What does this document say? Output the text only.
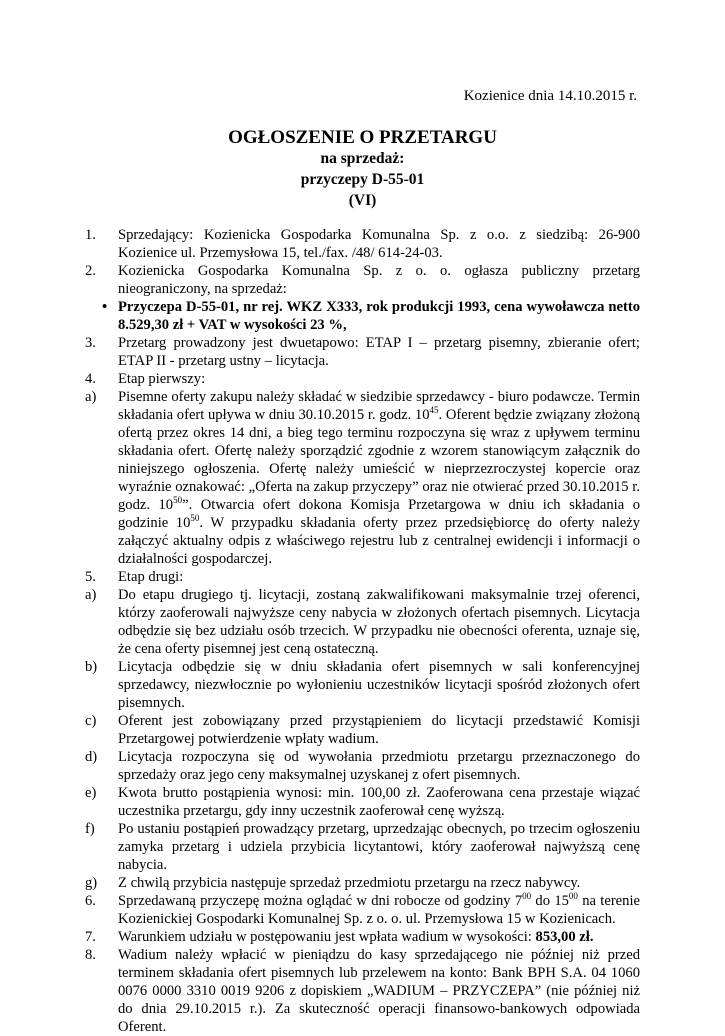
Kozienice dnia 14.10.2015 r.
OGŁOSZENIE O PRZETARGU
na sprzedaż:
przyczepy D-55-01
(VI)
1. Sprzedający: Kozienicka Gospodarka Komunalna Sp. z o.o. z siedzibą: 26-900 Kozienice ul. Przemysłowa 15, tel./fax. /48/ 614-24-03.
2. Kozienicka Gospodarka Komunalna Sp. z o. o. ogłasza publiczny przetarg nieograniczony, na sprzedaż:
• Przyczepa D-55-01, nr rej. WKZ X333, rok produkcji 1993, cena wywoławcza netto 8.529,30 zł + VAT w wysokości 23 %,
3. Przetarg prowadzony jest dwuetapowo: ETAP I – przetarg pisemny, zbieranie ofert; ETAP II - przetarg ustny – licytacja.
4. Etap pierwszy:
a) Pisemne oferty zakupu należy składać w siedzibie sprzedawcy - biuro podawcze. Termin składania ofert upływa w dniu 30.10.2015 r. godz. $10^{45}$. Oferent będzie związany złożoną ofertą przez okres 14 dni, a bieg tego terminu rozpoczyna się wraz z upływem terminu składania ofert. Ofertę należy sporządzić zgodnie z wzorem stanowiącym załącznik do niniejszego ogłoszenia. Ofertę należy umieścić w nieprzezroczystej kopercie oraz wyraźnie oznakować: „Oferta na zakup przyczepy” oraz nie otwierać przed 30.10.2015 r. godz. $10^{50}$”. Otwarcia ofert dokona Komisja Przetargowa w dniu ich składania o godzinie $10^{50}$. W przypadku składania oferty przez przedsiębiorcę do oferty należy załączyć aktualny odpis z właściwego rejestru lub z centralnej ewidencji i informacji o działalności gospodarczej.
5. Etap drugi:
a) Do etapu drugiego tj. licytacji, zostaną zakwalifikowani maksymalnie trzej oferenci, którzy zaoferowali najwyższe ceny nabycia w złożonych ofertach pisemnych. Licytacja odbędzie się bez udziału osób trzecich. W przypadku nie obecności oferenta, uznaje się, że cena oferty pisemnej jest ceną ostateczną.
b) Licytacja odbędzie się w dniu składania ofert pisemnych w sali konferencyjnej sprzedawcy, niezwłocznie po wyłonieniu uczestników licytacji spośród złożonych ofert pisemnych.
c) Oferent jest zobowiązany przed przystąpieniem do licytacji przedstawić Komisji Przetargowej potwierdzenie wpłaty wadium.
d) Licytacja rozpoczyna się od wywołania przedmiotu przetargu przeznaczonego do sprzedaży oraz jego ceny maksymalnej uzyskanej z ofert pisemnych.
e) Kwota brutto postąpienia wynosi: min. 100,00 zł. Zaoferowana cena przestaje wiązać uczestnika przetargu, gdy inny uczestnik zaoferował cenę wyższą.
f) Po ustaniu postąpień prowadzący przetarg, uprzedzając obecnych, po trzecim ogłoszeniu zamyka przetarg i udziela przybicia licytantowi, który zaoferował najwyższą cenę nabycia.
g) Z chwilą przybicia następuje sprzedaż przedmiotu przetargu na rzecz nabywcy.
6. Sprzedawaną przyczepę można oglądać w dni robocze od godziny $7^{00}$ do $15^{00}$ na terenie Kozienickiej Gospodarki Komunalnej Sp. z o. o. ul. Przemysłowa 15 w Kozienicach.
7. Warunkiem udziału w postępowaniu jest wpłata wadium w wysokości: 853,00 zł.
8. Wadium należy wpłacić w pieniądzu do kasy sprzedającego nie później niż przed terminem składania ofert pisemnych lub przelewem na konto: Bank BPH S.A. 04 1060 0076 0000 3310 0019 9206 z dopiskiem „WADIUM – PRZYCZEPA” (nie później niż do dnia 29.10.2015 r.). Za skuteczność operacji finansowo-bankowych odpowiada Oferent.
